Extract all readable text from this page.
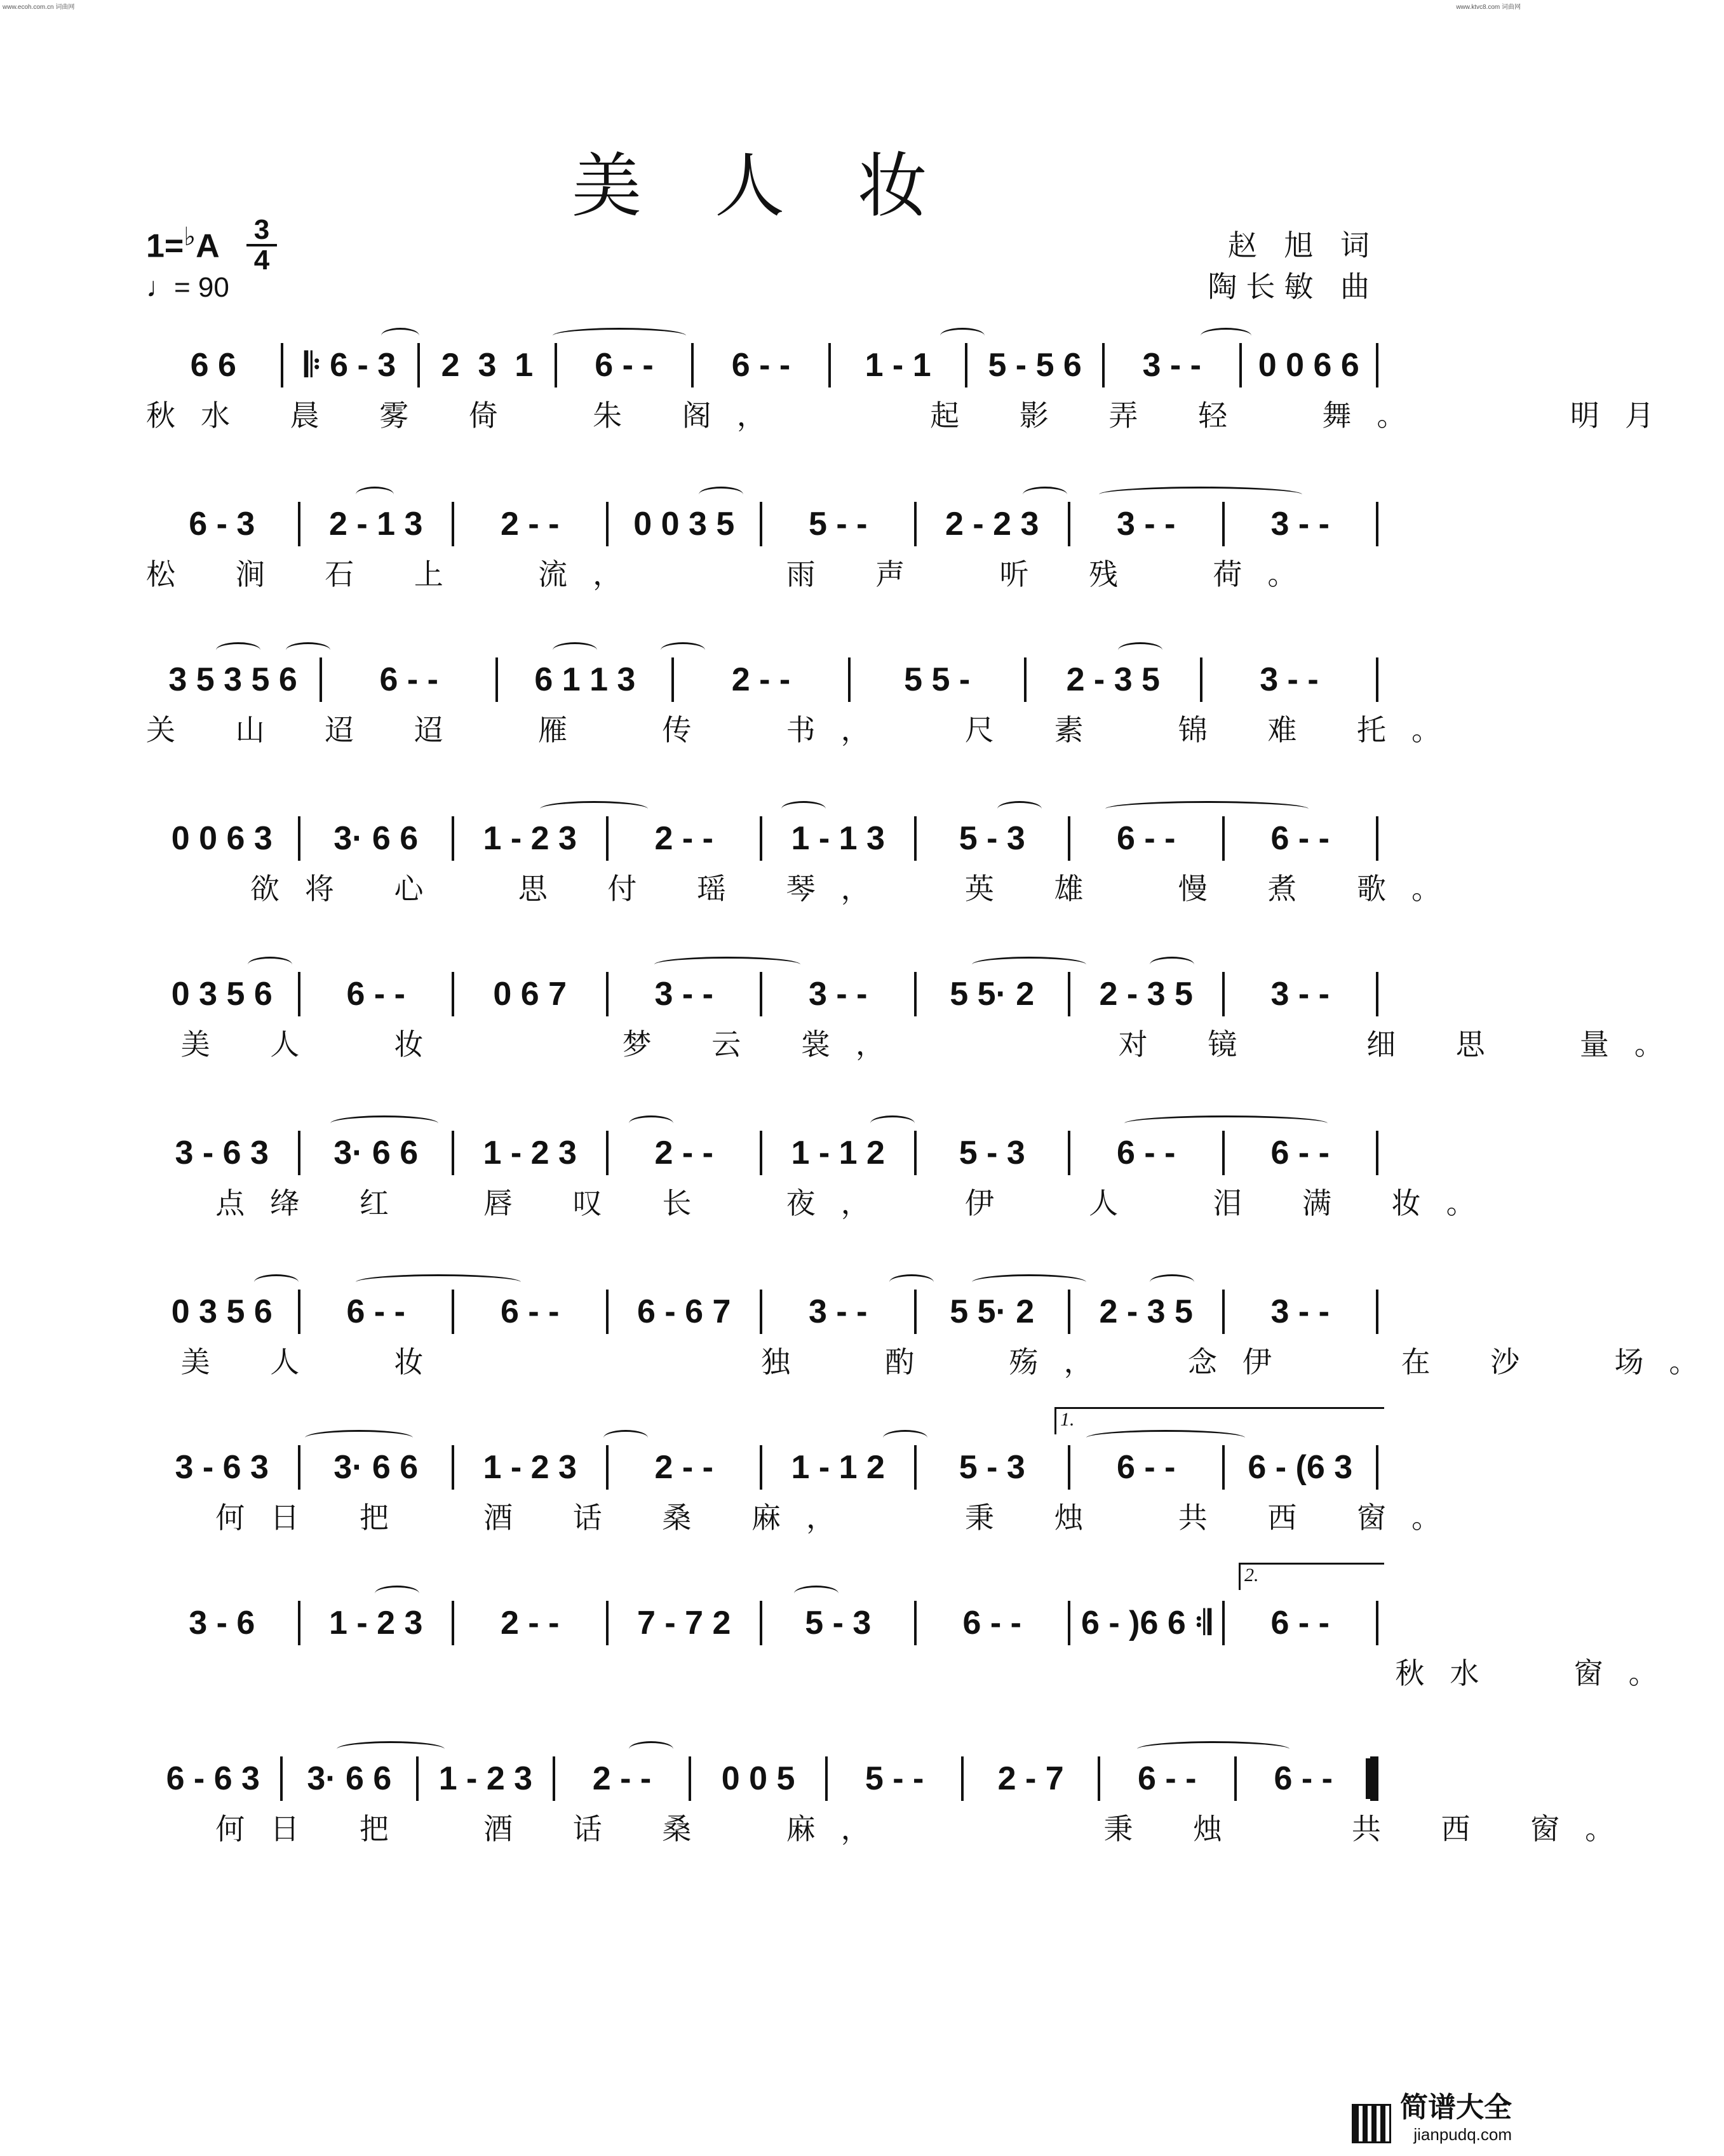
www.ecoh.com.cn 词曲网	www.ktvc8.com 词曲网
美 人 妆
1=♭A 3
4
♩= 90
赵 旭 词
陶长敏 曲
6 6 𝄆 6 - 3 2  3  1 6 - - 6 - - 1 - 1 5 - 5 6 3 - - 0 0 6 6
秋水 晨 雾 倚  朱 阁，    起 影 弄 轻  舞。    明月
6 - 3 2 - 1 3 2 - - 0 0 3 5 5 - - 2 - 2 3 3 - -	3 - -
松 涧 石 上  流，    雨 声  听 残  荷。
3 5 3 5 6 6 - -	6 1 1 3	2 - -	5 5 -	2 - 3 5	3 - -
关 山 迢 迢  雁  传  书，  尺 素  锦 难 托。
0 0 6 3 3· 6 6 1 - 2 3 2 - - 1 - 1 3 5 - 3	6 - -	6 - -
欲将 心  思 付 瑶 琴，  英 雄  慢 煮 歌。
0 3 5 6 6 - -	0 6 7	3 - -	3 - - 5 5· 2 2 - 3 5 3 - -
美 人  妆     梦 云 裳，      对 镜   细 思  量。
3 - 6 3 3· 6 6 1 - 2 3 2 - - 1 - 1 2 5 - 3	6 - -	6 - -
点绛 红  唇 叹 长  夜，  伊  人  泪 满 妆。
0 3 5 6 6 - -	6 - - 6 - 6 7 3 - - 5 5· 2 2 - 3 5 3 - -
美 人  妆         独  酌  殇，  念伊   在 沙  场。
3 - 6 3 3· 6 6 1 - 2 3 2 - - 1 - 1 2 5 - 3	6 - - 6 - (6 3
何日 把  酒 话 桑 麻，   秉 烛  共 西 窗。
1.
3 - 6 1 - 2 3 2 - - 7 - 7 2 5 - 3	6 - - 6 - )6 6 𝄇 6 - -
秋水  窗。
2.
6 - 6 3 3· 6 6 1 - 2 3 2 - - 0 0 5 5 - - 2 - 7 6 - - 6 - -
何日 把  酒 话 桑  麻，      秉 烛   共 西 窗。
简谱大全
jianpudq.com
